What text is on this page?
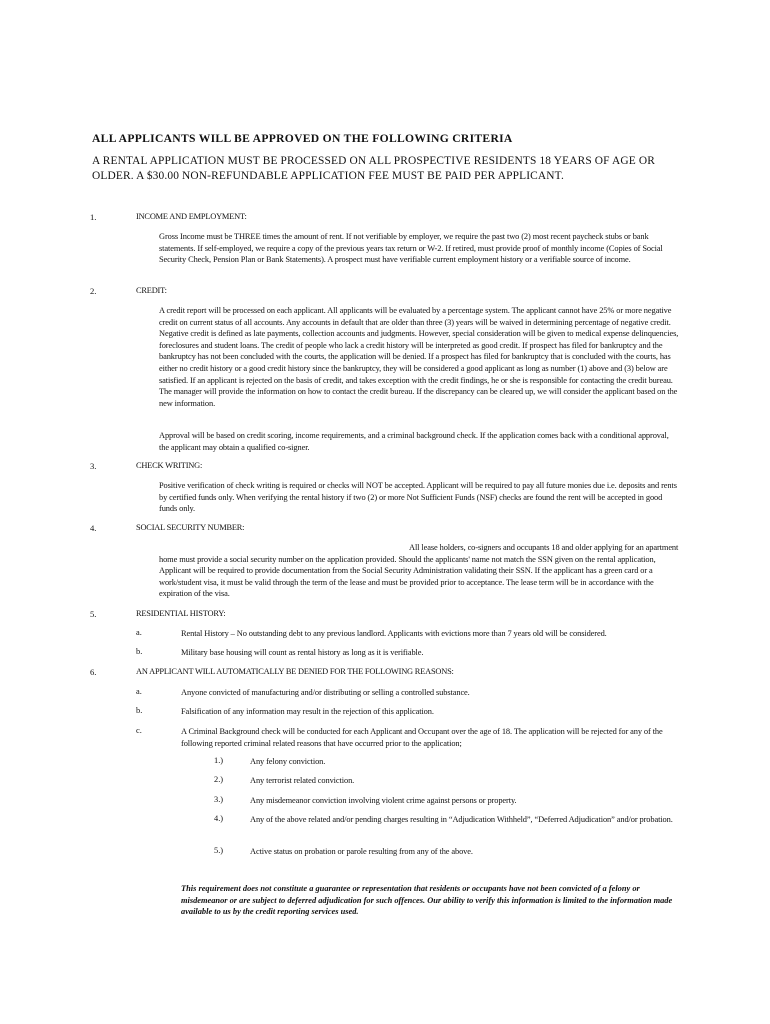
ALL APPLICANTS WILL BE APPROVED ON THE FOLLOWING CRITERIA
A RENTAL APPLICATION MUST BE PROCESSED ON ALL PROSPECTIVE RESIDENTS 18 YEARS OF AGE OR OLDER. A $30.00 NON-REFUNDABLE APPLICATION FEE MUST BE PAID PER APPLICANT.
1.	INCOME AND EMPLOYMENT:
Gross Income must be THREE times the amount of rent. If not verifiable by employer, we require the past two (2) most recent paycheck stubs or bank statements. If self-employed, we require a copy of the previous years tax return or W-2. If retired, must provide proof of monthly income (Copies of Social Security Check, Pension Plan or Bank Statements). A prospect must have verifiable current employment history or a verifiable source of income.
2.	CREDIT:
A credit report will be processed on each applicant. All applicants will be evaluated by a percentage system. The applicant cannot have 25% or more negative credit on current status of all accounts. Any accounts in default that are older than three (3) years will be waived in determining percentage of negative credit. Negative credit is defined as late payments, collection accounts and judgments. However, special consideration will be given to medical expense delinquencies, foreclosures and student loans. The credit of people who lack a credit history will be interpreted as good credit. If prospect has filed for bankruptcy and the bankruptcy has not been concluded with the courts, the application will be denied. If a prospect has filed for bankruptcy that is concluded with the courts, has either no credit history or a good credit history since the bankruptcy, they will be considered a good applicant as long as number (1) above and (3) below are satisfied. If an applicant is rejected on the basis of credit, and takes exception with the credit findings, he or she is responsible for contacting the credit bureau. The manager will provide the information on how to contact the credit bureau. If the discrepancy can be cleared up, we will consider the applicant based on the new information.
Approval will be based on credit scoring, income requirements, and a criminal background check. If the application comes back with a conditional approval, the applicant may obtain a qualified co-signer.
3.	CHECK WRITING:
Positive verification of check writing is required or checks will NOT be accepted. Applicant will be required to pay all future monies due i.e. deposits and rents by certified funds only. When verifying the rental history if two (2) or more Not Sufficient Funds (NSF) checks are found the rent will be accepted in good funds only.
4.	SOCIAL SECURITY NUMBER:
All lease holders, co-signers and occupants 18 and older applying for an apartment home must provide a social security number on the application provided. Should the applicants' name not match the SSN given on the rental application, Applicant will be required to provide documentation from the Social Security Administration validating their SSN. If the applicant has a green card or a work/student visa, it must be valid through the term of the lease and must be provided prior to acceptance. The lease term will be in accordance with the expiration of the visa.
5.	RESIDENTIAL HISTORY:
a.	Rental History – No outstanding debt to any previous landlord. Applicants with evictions more than 7 years old will be considered.
b.	Military base housing will count as rental history as long as it is verifiable.
6.	AN APPLICANT WILL AUTOMATICALLY BE DENIED FOR THE FOLLOWING REASONS:
a.	Anyone convicted of manufacturing and/or distributing or selling a controlled substance.
b.	Falsification of any information may result in the rejection of this application.
c.	A Criminal Background check will be conducted for each Applicant and Occupant over the age of 18. The application will be rejected for any of the following reported criminal related reasons that have occurred prior to the application;
1.)	Any felony conviction.
2.)	Any terrorist related conviction.
3.)	Any misdemeanor conviction involving violent crime against persons or property.
4.)	Any of the above related and/or pending charges resulting in “Adjudication Withheld”, “Deferred Adjudication” and/or probation.
5.)	Active status on probation or parole resulting from any of the above.
This requirement does not constitute a guarantee or representation that residents or occupants have not been convicted of a felony or misdemeanor or are subject to deferred adjudication for such offences. Our ability to verify this information is limited to the information made available to us by the credit reporting services used.
